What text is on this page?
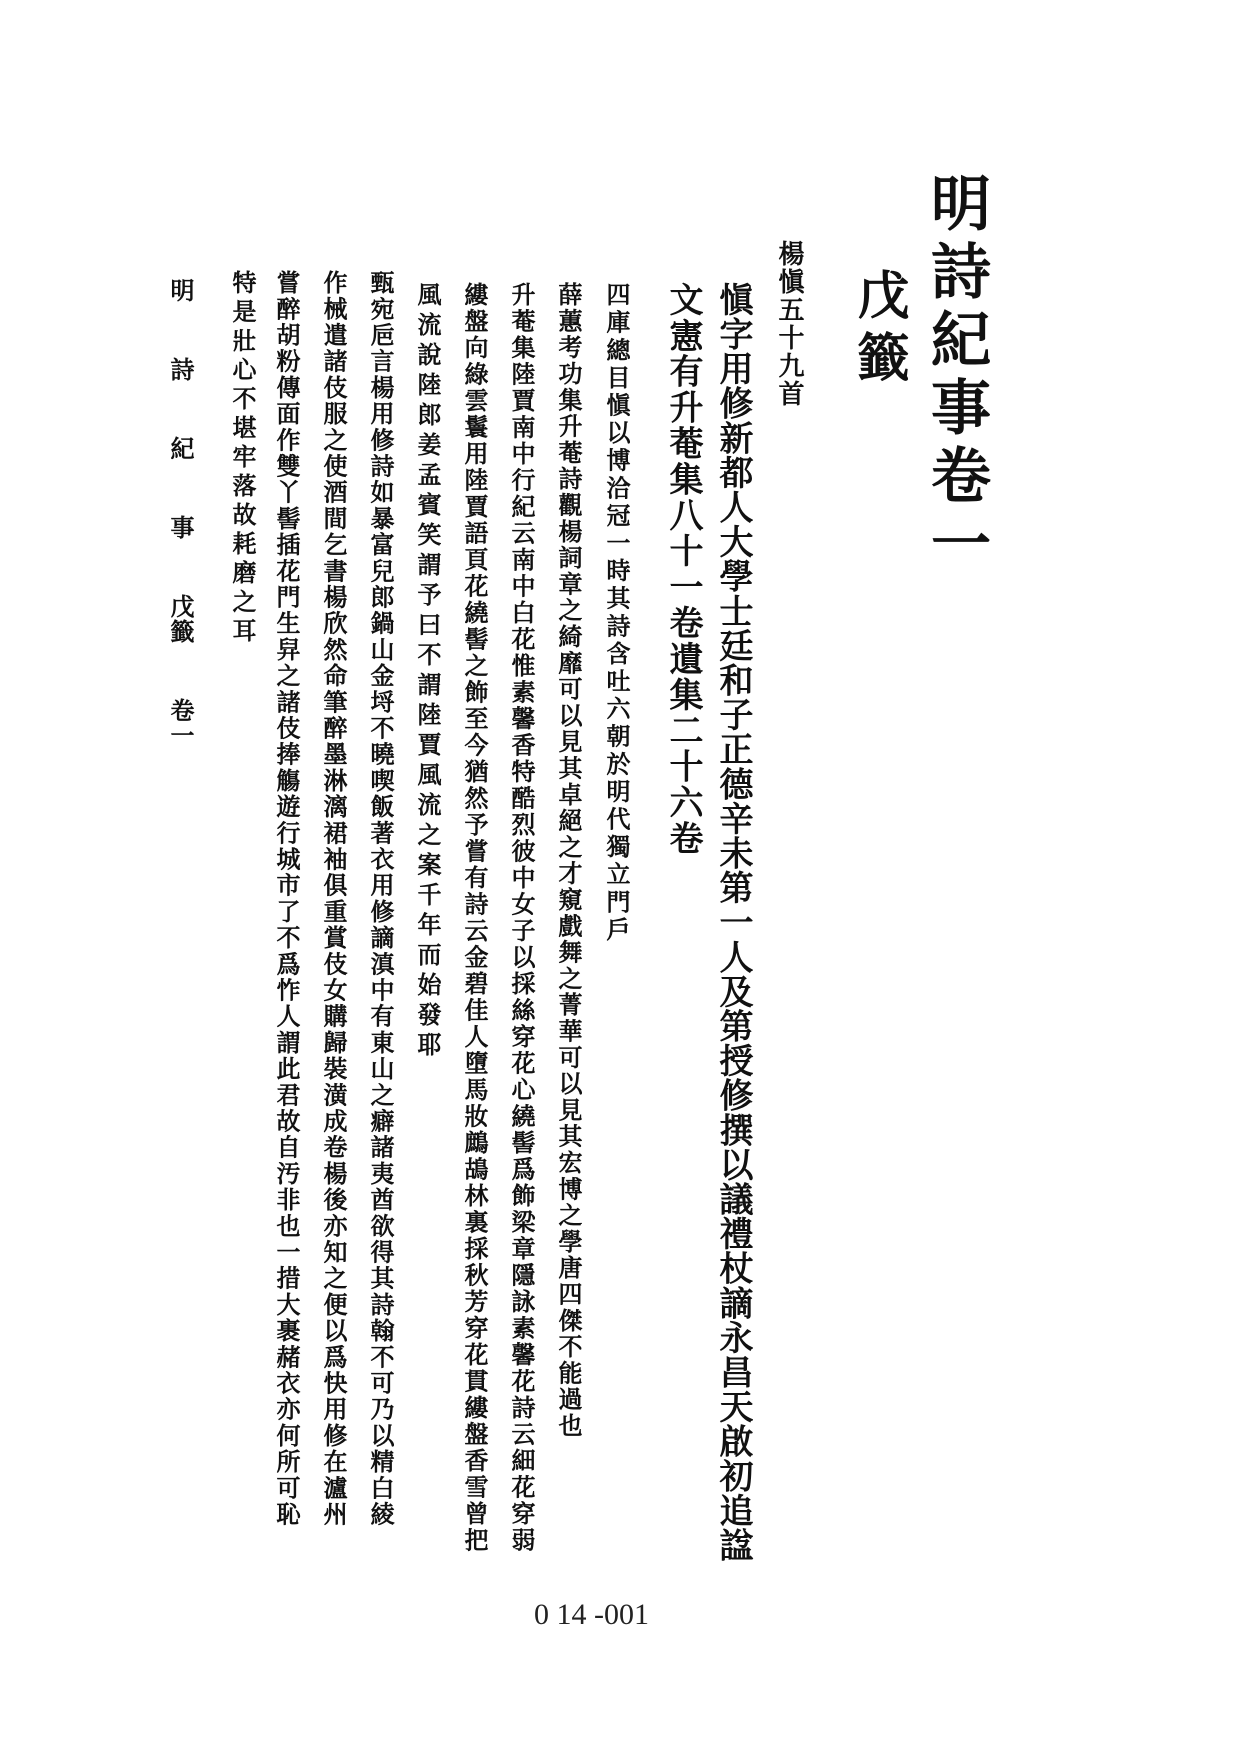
明詩紀事卷一
戊籤
楊愼五十九首
愼字用修新都人大學士廷和子正德辛未第一人及第授修撰以議禮杖謫永昌天啟初追諡
文憲有升菴集八十一卷遺集二十六卷
四庫總目愼以博洽冠一時其詩含吐六朝於明代獨立門戶
薛蕙考功集升菴詩觀楊詞章之綺靡可以見其卓絕之才窺戲舞之菁華可以見其宏博之學唐四傑不能過也
升菴集陸賈南中行紀云南中白花惟素馨香特酷烈彼中女子以採絲穿花心繞髻爲飾梁章隱詠素馨花詩云細花穿弱
縷盤向綠雲鬟用陸賈語頁花繞髻之飾至今猶然予嘗有詩云金碧佳人墮馬妝鷓鴣林裏採秋芳穿花貫縷盤香雪曾把
風流說陸郎姜孟賓笑謂予曰不謂陸賈風流之案千年而始發耶
甄宛巵言楊用修詩如暴富兒郎鍋山金埒不曉喫飯著衣用修謫滇中有東山之癖諸夷酋欲得其詩翰不可乃以精白綾
作械遣諸伎服之使酒間乞書楊欣然命筆醉墨淋漓裙袖俱重賞伎女購歸裝潢成卷楊後亦知之便以爲快用修在瀘州
嘗醉胡粉傳面作雙丫髻插花門生舁之諸伎捧觴遊行城市了不爲怍人謂此君故自汚非也一措大裹赭衣亦何所可恥
特是壯心不堪牢落故耗磨之耳
明 詩 紀 事 戊籤 卷一
0 14 -001
